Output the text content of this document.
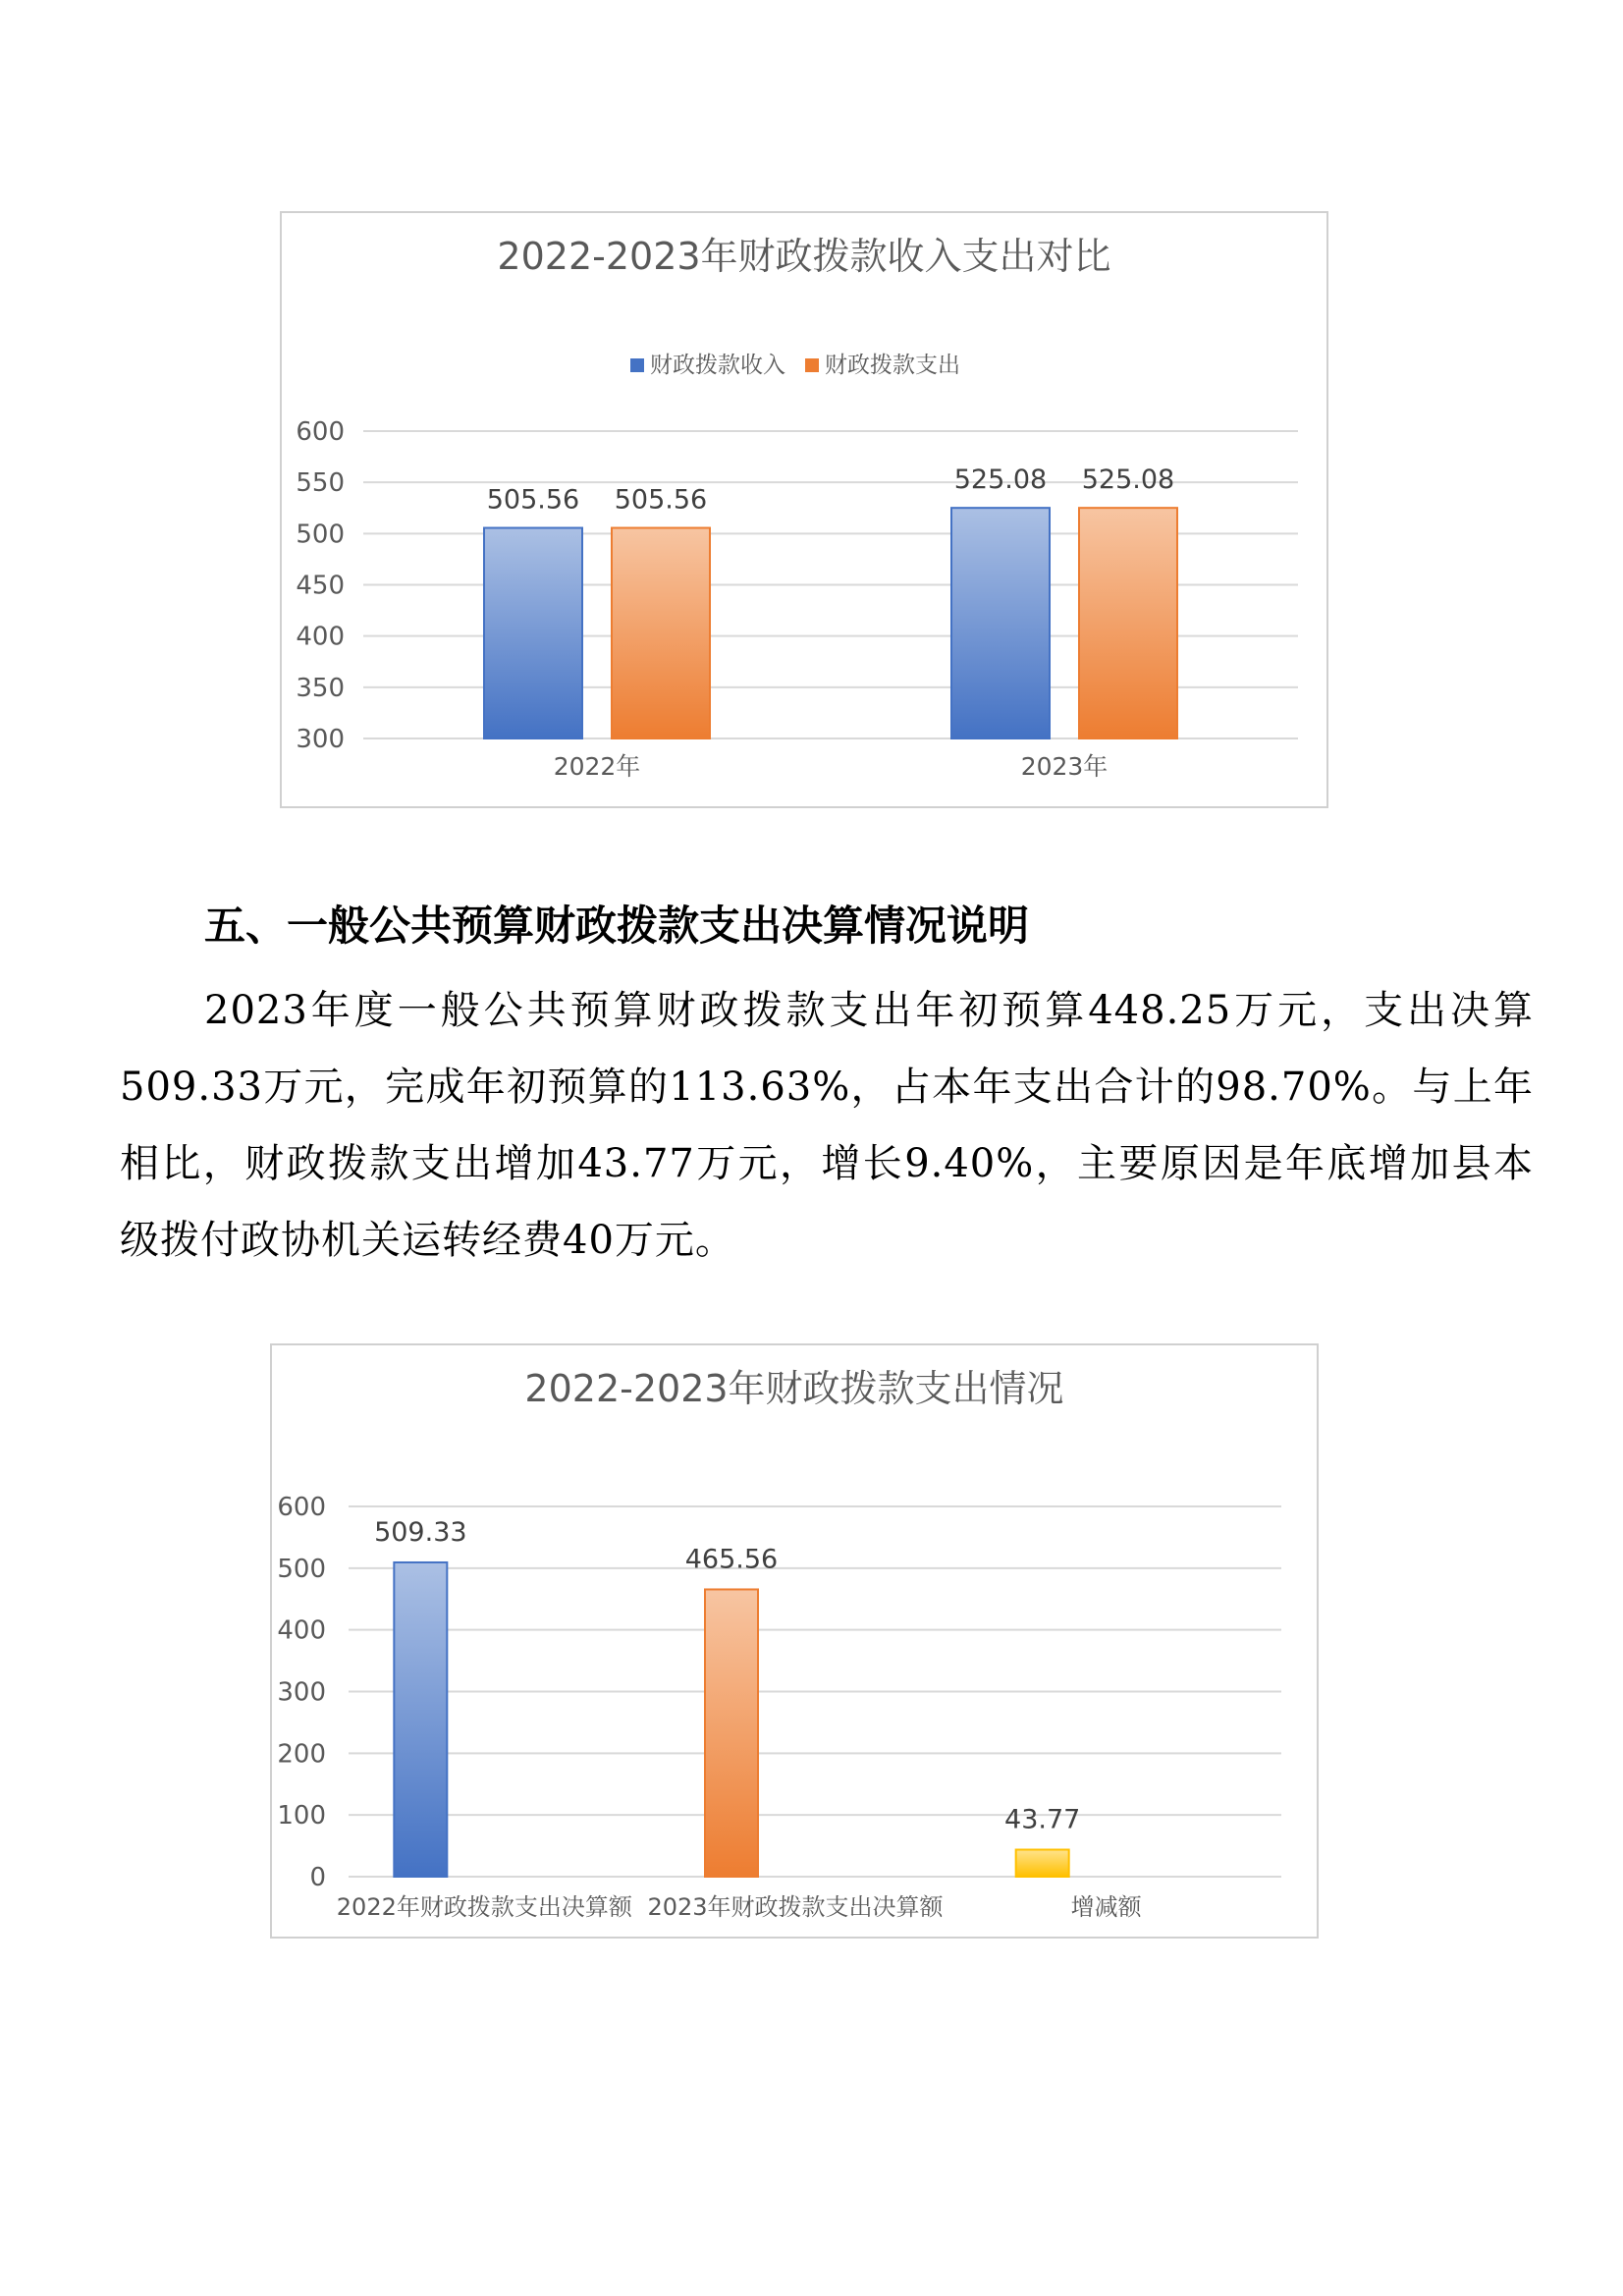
2022-2023年财政拨款收入支出对比
300
350
400
450
500
550
600
财政拨款收入 财政拨款支出
505.56 505.56
2022年
525.08 525.08
2023年
五、一般公共预算财政拨款支出决算情况说明
2023年度一般公共预算财政拨款支出年初预算448.25万元，支出决算509.33万元，完成年初预算的113.63%，占本年支出合计的98.70%。与上年相比，财政拨款支出增加43.77万元，增长9.40%，主要原因是年底增加县本级拨付政协机关运转经费40万元。
2022-2023年财政拨款支出情况
0
100
200
300
400
500
600
509.33
2022年财政拨款支出决算额
465.56
2023年财政拨款支出决算额
43.77
增减额
